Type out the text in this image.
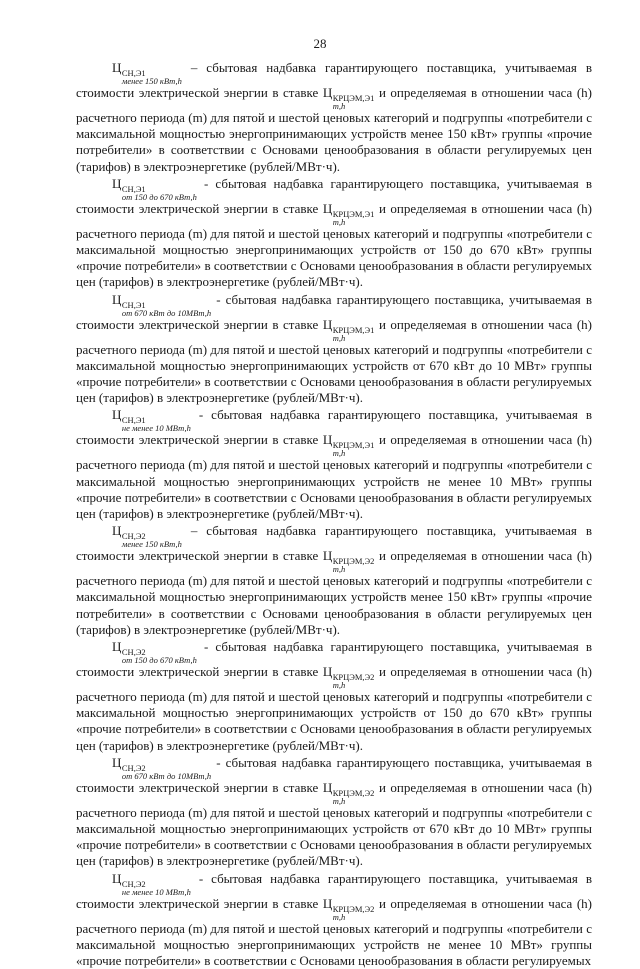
28

Ц СН,Э1
менее 150 кВт,h
– сбытовая надбавка гарантирующего поставщика, учитываемая в стоимости электрической энергии в ставке Ц КРЦЭМ,Э1
m,h
и определяемая в отношении часа (h) расчетного периода (m) для пятой и шестой ценовых категорий и подгруппы «потребители с максимальной мощностью энергопринимающих устройств менее 150 кВт» группы «прочие потребители» в соответствии с Основами ценообразования в области регулируемых цен (тарифов) в электроэнергетике (рублей/МВт·ч).

Ц СН,Э1
от 150 до 670 кВт,h
- сбытовая надбавка гарантирующего поставщика, учитываемая в стоимости электрической энергии в ставке Ц КРЦЭМ,Э1
m,h
и определяемая в отношении часа (h) расчетного периода (m) для пятой и шестой ценовых категорий и подгруппы «потребители с максимальной мощностью энергопринимающих устройств от 150 до 670 кВт» группы «прочие потребители» в соответствии с Основами ценообразования в области регулируемых цен (тарифов) в электроэнергетике (рублей/МВт·ч).

Ц СН,Э1
от 670 кВт до 10МВт,h
- сбытовая надбавка гарантирующего поставщика, учитываемая в стоимости электрической энергии в ставке Ц КРЦЭМ,Э1
m,h
и определяемая в отношении часа (h) расчетного периода (m) для пятой и шестой ценовых категорий и подгруппы «потребители с максимальной мощностью энергопринимающих устройств от 670 кВт до 10 МВт» группы «прочие потребители» в соответствии с Основами ценообразования в области регулируемых цен (тарифов) в электроэнергетике (рублей/МВт·ч).

Ц СН,Э1
не менее 10 МВт,h
- сбытовая надбавка гарантирующего поставщика, учитываемая в стоимости электрической энергии в ставке Ц КРЦЭМ,Э1
m,h
и определяемая в отношении часа (h) расчетного периода (m) для пятой и шестой ценовых категорий и подгруппы «потребители с максимальной мощностью энергопринимающих устройств не менее 10 МВт» группы «прочие потребители» в соответствии с Основами ценообразования в области регулируемых цен (тарифов) в электроэнергетике (рублей/МВт·ч).

Ц СН,Э2
менее 150 кВт,h
– сбытовая надбавка гарантирующего поставщика, учитываемая в стоимости электрической энергии в ставке Ц КРЦЭМ,Э2
m,h
и определяемая в отношении часа (h) расчетного периода (m) для пятой и шестой ценовых категорий и подгруппы «потребители с максимальной мощностью энергопринимающих устройств менее 150 кВт» группы «прочие потребители» в соответствии с Основами ценообразования в области регулируемых цен (тарифов) в электроэнергетике (рублей/МВт·ч).

Ц СН,Э2
от 150 до 670 кВт,h
- сбытовая надбавка гарантирующего поставщика, учитываемая в стоимости электрической энергии в ставке Ц КРЦЭМ,Э2
m,h
и определяемая в отношении часа (h) расчетного периода (m) для пятой и шестой ценовых категорий и подгруппы «потребители с максимальной мощностью энергопринимающих устройств от 150 до 670 кВт» группы «прочие потребители» в соответствии с Основами ценообразования в области регулируемых цен (тарифов) в электроэнергетике (рублей/МВт·ч).

Ц СН,Э2
от 670 кВт до 10МВт,h
- сбытовая надбавка гарантирующего поставщика, учитываемая в стоимости электрической энергии в ставке Ц КРЦЭМ,Э2
m,h
и определяемая в отношении часа (h) расчетного периода (m) для пятой и шестой ценовых категорий и подгруппы «потребители с максимальной мощностью энергопринимающих устройств от 670 кВт до 10 МВт» группы «прочие потребители» в соответствии с Основами ценообразования в области регулируемых цен (тарифов) в электроэнергетике (рублей/МВт·ч).

Ц СН,Э2
не менее 10 МВт,h
- сбытовая надбавка гарантирующего поставщика, учитываемая в стоимости электрической энергии в ставке Ц КРЦЭМ,Э2
m,h
и определяемая в отношении часа (h) расчетного периода (m) для пятой и шестой ценовых категорий и подгруппы «потребители с максимальной мощностью энергопринимающих устройств не менее 10 МВт» группы «прочие потребители» в соответствии с Основами ценообразования в области регулируемых
